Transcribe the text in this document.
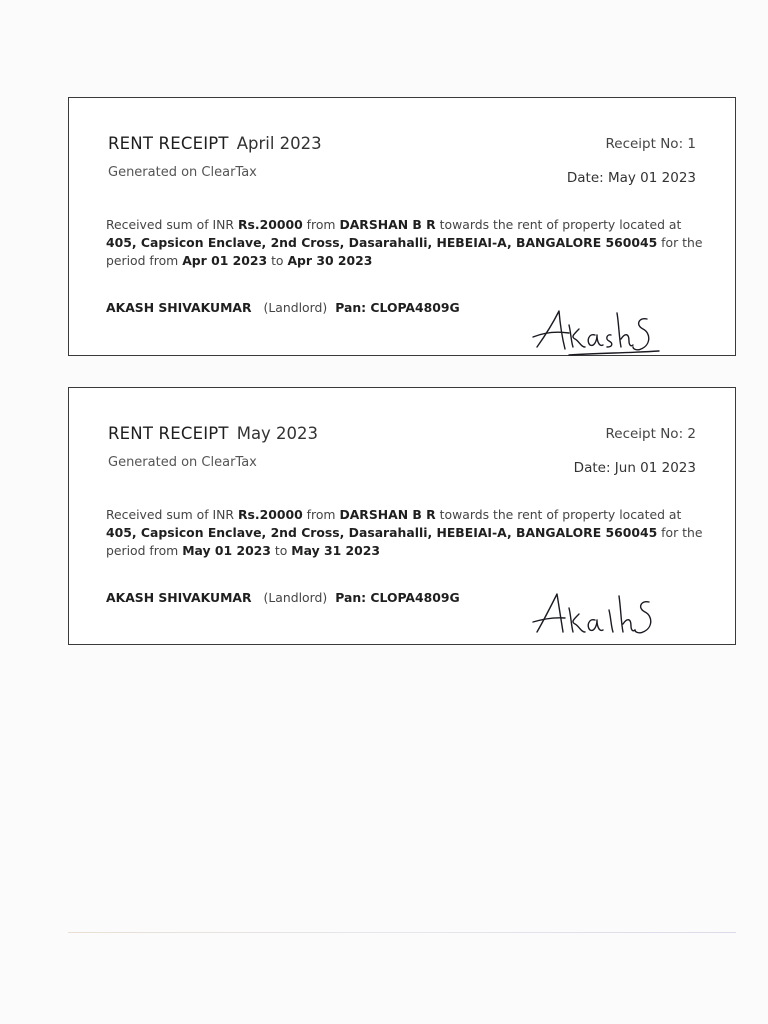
RENT RECEIPT April 2023
Generated on ClearTax
Receipt No: 1
Date: May 01 2023
Received sum of INR Rs.20000 from DARSHAN B R towards the rent of property located at 405, Capsicon Enclave, 2nd Cross, Dasarahalli, HEBEIAI-A, BANGALORE 560045 for the period from Apr 01 2023 to Apr 30 2023
AKASH SHIVAKUMAR (Landlord) Pan: CLOPA4809G
RENT RECEIPT May 2023
Generated on ClearTax
Receipt No: 2
Date: Jun 01 2023
Received sum of INR Rs.20000 from DARSHAN B R towards the rent of property located at 405, Capsicon Enclave, 2nd Cross, Dasarahalli, HEBEIAI-A, BANGALORE 560045 for the period from May 01 2023 to May 31 2023
AKASH SHIVAKUMAR (Landlord) Pan: CLOPA4809G
